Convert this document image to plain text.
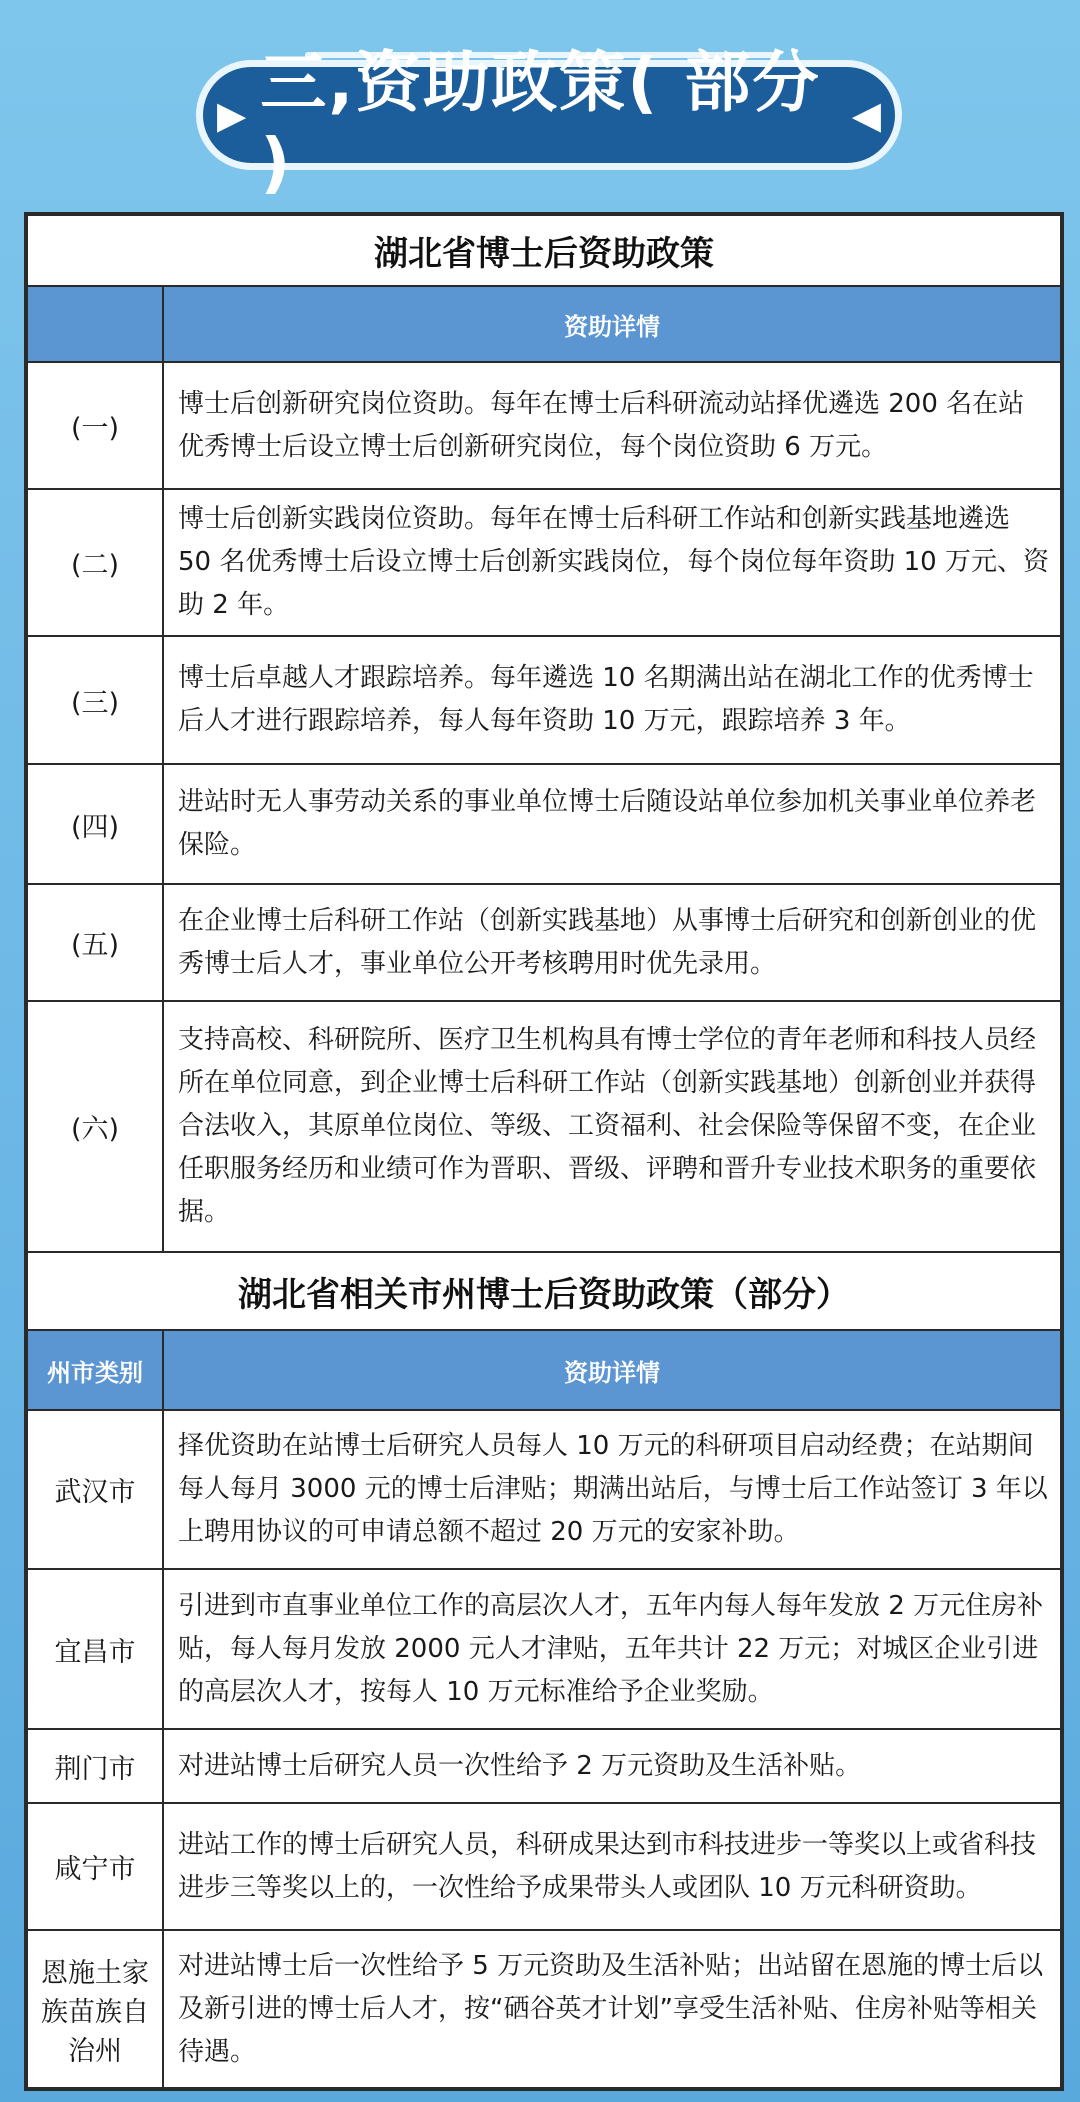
▶ 三,资助政策( 部分 )
◀
湖北省博士后资助政策	
	资助详情
(一)	博士后创新研究岗位资助。每年在博士后科研流动站择优遴选 200 名在站优秀博士后设立博士后创新研究岗位，每个岗位资助 6 万元。
(二)	博士后创新实践岗位资助。每年在博士后科研工作站和创新实践基地遴选 50 名优秀博士后设立博士后创新实践岗位，每个岗位每年资助 10 万元、资助 2 年。
(三)	博士后卓越人才跟踪培养。每年遴选 10 名期满出站在湖北工作的优秀博士后人才进行跟踪培养，每人每年资助 10 万元，跟踪培养 3 年。
(四)	进站时无人事劳动关系的事业单位博士后随设站单位参加机关事业单位养老保险。
(五)	在企业博士后科研工作站（创新实践基地）从事博士后研究和创新创业的优秀博士后人才，事业单位公开考核聘用时优先录用。
(六)	支持高校、科研院所、医疗卫生机构具有博士学位的青年老师和科技人员经所在单位同意，到企业博士后科研工作站（创新实践基地）创新创业并获得合法收入，其原单位岗位、等级、工资福利、社会保险等保留不变，在企业任职服务经历和业绩可作为晋职、晋级、评聘和晋升专业技术职务的重要依据。
湖北省相关市州博士后资助政策（部分）	
州市类别	资助详情
武汉市	择优资助在站博士后研究人员每人 10 万元的科研项目启动经费；在站期间每人每月 3000 元的博士后津贴；期满出站后，与博士后工作站签订 3 年以上聘用协议的可申请总额不超过 20 万元的安家补助。
宜昌市	引进到市直事业单位工作的高层次人才，五年内每人每年发放 2 万元住房补贴，每人每月发放 2000 元人才津贴，五年共计 22 万元；对城区企业引进的高层次人才，按每人 10 万元标准给予企业奖励。
荆门市	对进站博士后研究人员一次性给予 2 万元资助及生活补贴。
咸宁市	进站工作的博士后研究人员，科研成果达到市科技进步一等奖以上或省科技进步三等奖以上的，一次性给予成果带头人或团队 10 万元科研资助。
恩施土家族苗族自治州	对进站博士后一次性给予 5 万元资助及生活补贴；出站留在恩施的博士后以及新引进的博士后人才，按“硒谷英才计划”享受生活补贴、住房补贴等相关待遇。
